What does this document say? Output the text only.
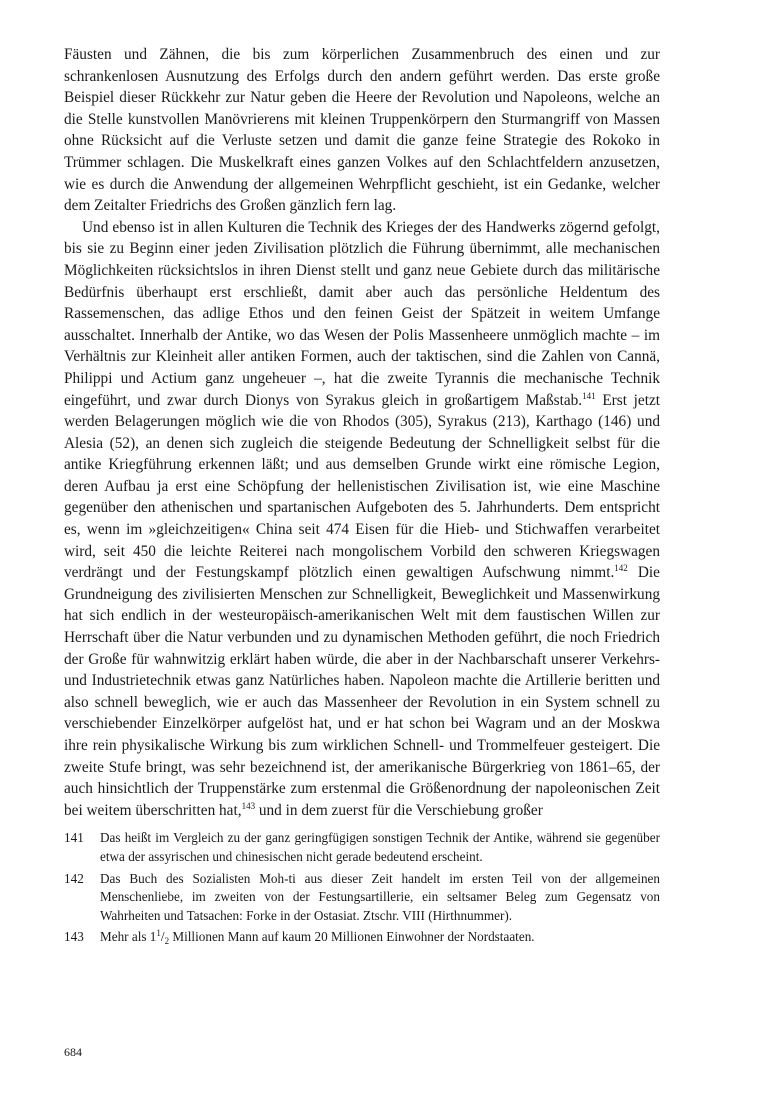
Fäusten und Zähnen, die bis zum körperlichen Zusammenbruch des einen und zur schrankenlosen Ausnutzung des Erfolgs durch den andern geführt werden. Das erste große Beispiel dieser Rückkehr zur Natur geben die Heere der Revolution und Napoleons, welche an die Stelle kunstvollen Manövrierens mit kleinen Truppenkörpern den Sturmangriff von Massen ohne Rücksicht auf die Verluste setzen und damit die ganze feine Strategie des Rokoko in Trümmer schlagen. Die Muskelkraft eines ganzen Volkes auf den Schlachtfeldern anzusetzen, wie es durch die Anwendung der allgemeinen Wehrpflicht geschieht, ist ein Gedanke, welcher dem Zeitalter Friedrichs des Großen gänzlich fern lag.

Und ebenso ist in allen Kulturen die Technik des Krieges der des Handwerks zögernd gefolgt, bis sie zu Beginn einer jeden Zivilisation plötzlich die Führung übernimmt, alle mechanischen Möglichkeiten rücksichtslos in ihren Dienst stellt und ganz neue Gebiete durch das militärische Bedürfnis überhaupt erst erschließt, damit aber auch das persönliche Heldentum des Rassemenschen, das adlige Ethos und den feinen Geist der Spätzeit in weitem Umfange ausschaltet. Innerhalb der Antike, wo das Wesen der Polis Massenheere unmöglich machte – im Verhältnis zur Kleinheit aller antiken Formen, auch der taktischen, sind die Zahlen von Cannä, Philippi und Actium ganz ungeheuer –, hat die zweite Tyrannis die mechanische Technik eingeführt, und zwar durch Dionys von Syrakus gleich in großartigem Maßstab.$^{141}$ Erst jetzt werden Belagerungen möglich wie die von Rhodos (305), Syrakus (213), Karthago (146) und Alesia (52), an denen sich zugleich die steigende Bedeutung der Schnelligkeit selbst für die antike Kriegführung erkennen läßt; und aus demselben Grunde wirkt eine römische Legion, deren Aufbau ja erst eine Schöpfung der hellenistischen Zivilisation ist, wie eine Maschine gegenüber den athenischen und spartanischen Aufgeboten des 5. Jahrhunderts. Dem entspricht es, wenn im »gleichzeitigen« China seit 474 Eisen für die Hieb- und Stichwaffen verarbeitet wird, seit 450 die leichte Reiterei nach mongolischem Vorbild den schweren Kriegswagen verdrängt und der Festungskampf plötzlich einen gewaltigen Aufschwung nimmt.$^{142}$ Die Grundneigung des zivilisierten Menschen zur Schnelligkeit, Beweglichkeit und Massenwirkung hat sich endlich in der westeuropäisch-amerikanischen Welt mit dem faustischen Willen zur Herrschaft über die Natur verbunden und zu dynamischen Methoden geführt, die noch Friedrich der Große für wahnwitzig erklärt haben würde, die aber in der Nachbarschaft unserer Verkehrs- und Industrietechnik etwas ganz Natürliches haben. Napoleon machte die Artillerie beritten und also schnell beweglich, wie er auch das Massenheer der Revolution in ein System schnell zu verschiebender Einzelkörper aufgelöst hat, und er hat schon bei Wagram und an der Moskwa ihre rein physikalische Wirkung bis zum wirklichen Schnell- und Trommelfeuer gesteigert. Die zweite Stufe bringt, was sehr bezeichnend ist, der amerikanische Bürgerkrieg von 1861–65, der auch hinsichtlich der Truppenstärke zum erstenmal die Größenordnung der napoleonischen Zeit bei weitem überschritten hat,$^{143}$ und in dem zuerst für die Verschiebung großer

141	Das heißt im Vergleich zu der ganz geringfügigen sonstigen Technik der Antike, während sie gegenüber etwa der assyrischen und chinesischen nicht gerade bedeutend erscheint.
142	Das Buch des Sozialisten Moh-ti aus dieser Zeit handelt im ersten Teil von der allgemeinen Menschenliebe, im zweiten von der Festungsartillerie, ein seltsamer Beleg zum Gegensatz von Wahrheiten und Tatsachen: Forke in der Ostasiat. Ztschr. VIII (Hirthnummer).
143	Mehr als $1^1/_2$ Millionen Mann auf kaum 20 Millionen Einwohner der Nordstaaten.
684
